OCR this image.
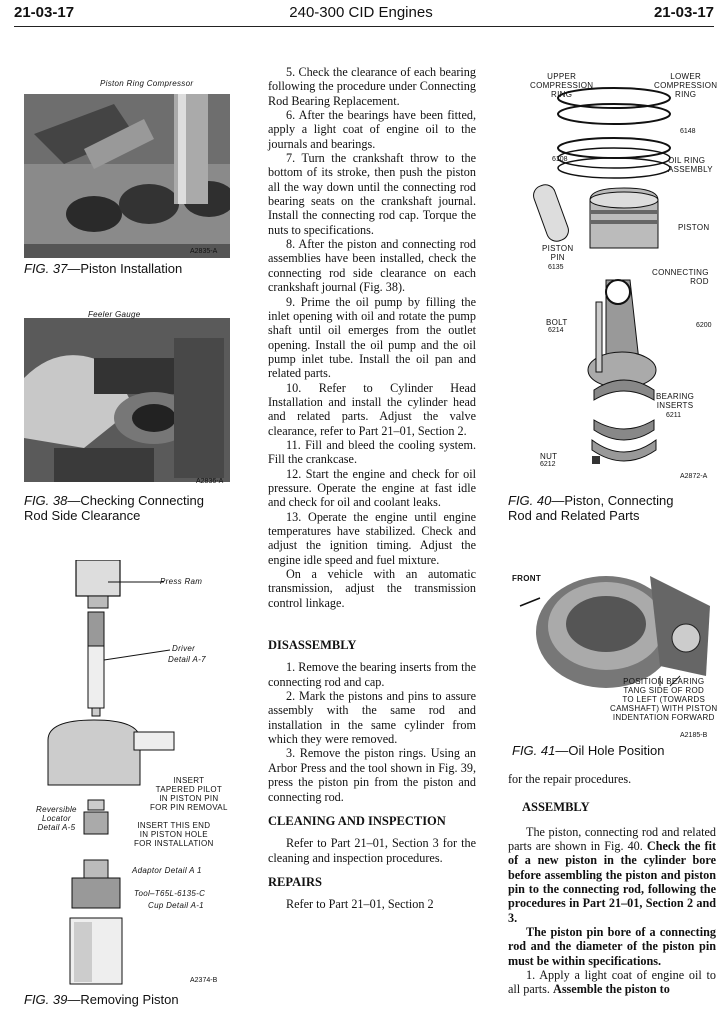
21-03-17	240-300 CID Engines	21-03-17
Piston Ring Compressor
A2835-A
FIG. 37—Piston Installation
Feeler Gauge
A2836-A
FIG. 38—Checking Connecting
Rod Side Clearance
Press Ram
Driver
Detail A-7
INSERT
TAPERED PILOT
IN PISTON PIN
FOR PIN REMOVAL
Reversible
Locator
Detail A-5	INSERT THIS END
IN PISTON HOLE
FOR INSTALLATION
Adaptor Detail A 1
Tool–T65L-6135-C
Cup Detail A-1
A2374-B
FIG. 39—Removing Piston

5. Check the clearance of each bearing following the procedure under Connecting Rod Bearing Replacement.

6. After the bearings have been fitted, apply a light coat of engine oil to the journals and bearings.

7. Turn the crankshaft throw to the bottom of its stroke, then push the piston all the way down until the connecting rod bearing seats on the crankshaft journal. Install the connecting rod cap. Torque the nuts to specifications.

8. After the piston and connecting rod assemblies have been installed, check the connecting rod side clearance on each crankshaft journal (Fig. 38).

9. Prime the oil pump by filling the inlet opening with oil and rotate the pump shaft until oil emerges from the outlet opening. Install the oil pump and the oil pump inlet tube. Install the oil pan and related parts.

10. Refer to Cylinder Head Installation and install the cylinder head and related parts. Adjust the valve clearance, refer to Part 21–01, Section 2.

11. Fill and bleed the cooling system. Fill the crankcase.

12. Start the engine and check for oil pressure. Operate the engine at fast idle and check for oil and coolant leaks.

13. Operate the engine until engine temperatures have stabilized. Check and adjust the ignition timing. Adjust the engine idle speed and fuel mixture.

On a vehicle with an automatic transmission, adjust the transmission control linkage.

DISASSEMBLY

1. Remove the bearing inserts from the connecting rod and cap.

2. Mark the pistons and pins to assure assembly with the same rod and installation in the same cylinder from which they were removed.

3. Remove the piston rings. Using an Arbor Press and the tool shown in Fig. 39, press the piston pin from the piston and connecting rod.

CLEANING AND INSPECTION

Refer to Part 21–01, Section 3 for the cleaning and inspection procedures.

REPAIRS

Refer to Part 21–01, Section 2

UPPER
COMPRESSION
RING
LOWER
COMPRESSION
RING
6148
6108	OIL RING
ASSEMBLY
PISTON
PISTON
PIN
6135
CONNECTING
ROD
BOLT
6214
6200
BEARING
INSERTS
6211
NUT
6212
A2872-A
FIG. 40—Piston, Connecting
Rod and Related Parts
FRONT
POSITION BEARING
TANG SIDE OF ROD
TO LEFT (TOWARDS
CAMSHAFT) WITH PISTON
INDENTATION FORWARD
A2185-B
FIG. 41—Oil Hole Position

for the repair procedures.

ASSEMBLY

The piston, connecting rod and related parts are shown in Fig. 40. Check the fit of a new piston in the cylinder bore before assembling the piston and piston pin to the connecting rod, following the procedures in Part 21–01, Section 2 and 3.

The piston pin bore of a connecting rod and the diameter of the piston pin must be within specifications.

1. Apply a light coat of engine oil to all parts. Assemble the piston to
